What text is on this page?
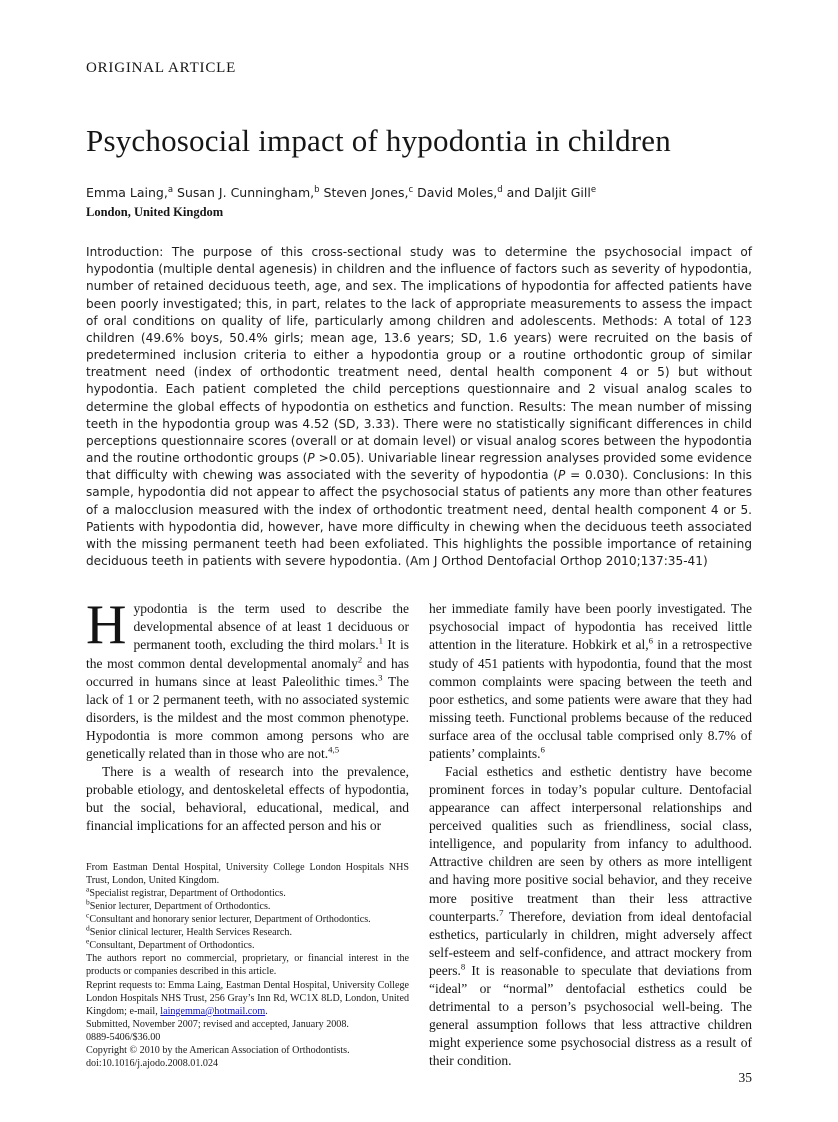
ORIGINAL ARTICLE

Psychosocial impact of hypodontia in children

Emma Laing,$^a$ Susan J. Cunningham,$^b$ Steven Jones,$^c$ David Moles,$^d$ and Daljit Gill$^e$

London, United Kingdom

Introduction: The purpose of this cross-sectional study was to determine the psychosocial impact of hypodontia (multiple dental agenesis) in children and the influence of factors such as severity of hypodontia, number of retained deciduous teeth, age, and sex. The implications of hypodontia for affected patients have been poorly investigated; this, in part, relates to the lack of appropriate measurements to assess the impact of oral conditions on quality of life, particularly among children and adolescents. Methods: A total of 123 children (49.6% boys, 50.4% girls; mean age, 13.6 years; SD, 1.6 years) were recruited on the basis of predetermined inclusion criteria to either a hypodontia group or a routine orthodontic group of similar treatment need (index of orthodontic treatment need, dental health component 4 or 5) but without hypodontia. Each patient completed the child perceptions questionnaire and 2 visual analog scales to determine the global effects of hypodontia on esthetics and function. Results: The mean number of missing teeth in the hypodontia group was 4.52 (SD, 3.33). There were no statistically significant differences in child perceptions questionnaire scores (overall or at domain level) or visual analog scores between the hypodontia and the routine orthodontic groups (P >0.05). Univariable linear regression analyses provided some evidence that difficulty with chewing was associated with the severity of hypodontia (P = 0.030). Conclusions: In this sample, hypodontia did not appear to affect the psychosocial status of patients any more than other features of a malocclusion measured with the index of orthodontic treatment need, dental health component 4 or 5. Patients with hypodontia did, however, have more difficulty in chewing when the deciduous teeth associated with the missing permanent teeth had been exfoliated. This highlights the possible importance of retaining deciduous teeth in patients with severe hypodontia. (Am J Orthod Dentofacial Orthop 2010;137:35-41)

Hypodontia is the term used to describe the developmental absence of at least 1 deciduous or permanent tooth, excluding the third molars.$^1$ It is the most common dental developmental anomaly$^2$ and has occurred in humans since at least Paleolithic times.$^3$ The lack of 1 or 2 permanent teeth, with no associated systemic disorders, is the mildest and the most common phenotype. Hypodontia is more common among persons who are genetically related than in those who are not.$^{4,5}$

There is a wealth of research into the prevalence, probable etiology, and dentoskeletal effects of hypodontia, but the social, behavioral, educational, medical, and financial implications for an affected person and his or

From Eastman Dental Hospital, University College London Hospitals NHS Trust, London, United Kingdom.
$^a$Specialist registrar, Department of Orthodontics.
$^b$Senior lecturer, Department of Orthodontics.
$^c$Consultant and honorary senior lecturer, Department of Orthodontics.
$^d$Senior clinical lecturer, Health Services Research.
$^e$Consultant, Department of Orthodontics.
The authors report no commercial, proprietary, or financial interest in the products or companies described in this article.
Reprint requests to: Emma Laing, Eastman Dental Hospital, University College London Hospitals NHS Trust, 256 Gray’s Inn Rd, WC1X 8LD, London, United Kingdom; e-mail, laingemma@hotmail.com.
Submitted, November 2007; revised and accepted, January 2008.
0889-5406/$36.00
Copyright © 2010 by the American Association of Orthodontists.
doi:10.1016/j.ajodo.2008.01.024

her immediate family have been poorly investigated. The psychosocial impact of hypodontia has received little attention in the literature. Hobkirk et al,$^6$ in a retrospective study of 451 patients with hypodontia, found that the most common complaints were spacing between the teeth and poor esthetics, and some patients were aware that they had missing teeth. Functional problems because of the reduced surface area of the occlusal table comprised only 8.7% of patients’ complaints.$^6$

Facial esthetics and esthetic dentistry have become prominent forces in today’s popular culture. Dentofacial appearance can affect interpersonal relationships and perceived qualities such as friendliness, social class, intelligence, and popularity from infancy to adulthood. Attractive children are seen by others as more intelligent and having more positive social behavior, and they receive more positive treatment than their less attractive counterparts.$^7$ Therefore, deviation from ideal dentofacial esthetics, particularly in children, might adversely affect self-esteem and self-confidence, and attract mockery from peers.$^8$ It is reasonable to speculate that deviations from “ideal” or “normal” dentofacial esthetics could be detrimental to a person’s psychosocial well-being. The general assumption follows that less attractive children might experience some psychosocial distress as a result of their condition.

35
